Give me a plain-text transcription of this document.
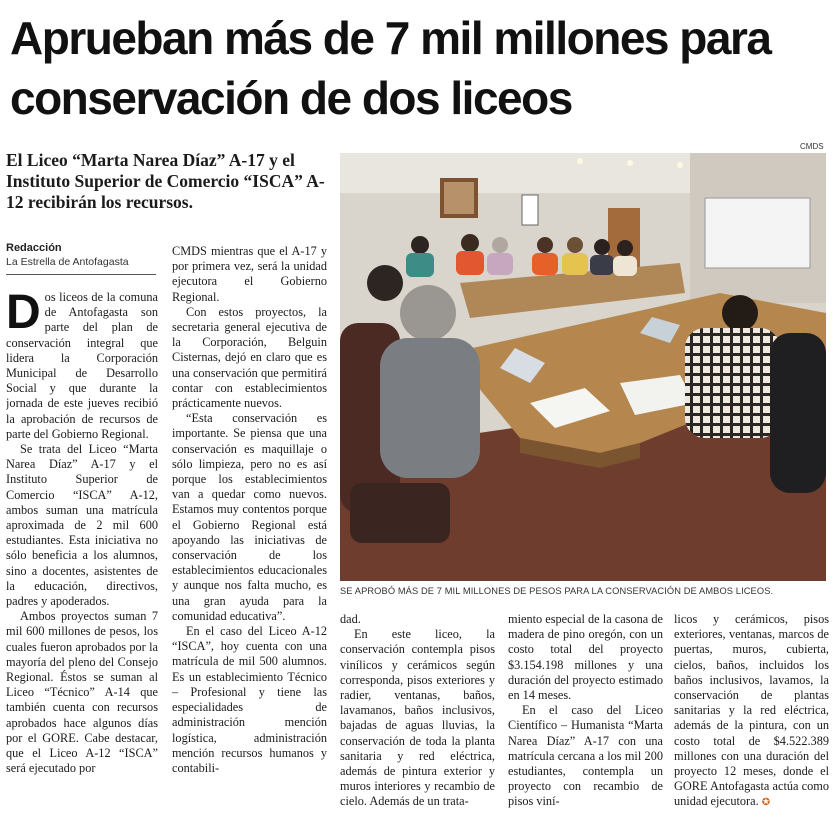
Aprueban más de 7 mil millones para conservación de dos liceos
El Liceo “Marta Narea Díaz” A-17 y el Instituto Superior de Comercio “ISCA” A-12 recibirán los recursos.
Redacción
La Estrella de Antofagasta

Dos liceos de la comuna de Antofagasta son parte del plan de conservación integral que lidera la Corporación Municipal de Desarrollo Social y que durante la jornada de este jueves recibió la aprobación de recursos de parte del Gobierno Regional.

Se trata del Liceo “Marta Narea Díaz” A-17 y el Instituto Superior de Comercio “ISCA” A-12, ambos suman una matrícula aproximada de 2 mil 600 estudiantes. Esta iniciativa no sólo beneficia a los alumnos, sino a docentes, asistentes de la educación, directivos, padres y apoderados.

Ambos proyectos suman 7 mil 600 millones de pesos, los cuales fueron aprobados por la mayoría del pleno del Consejo Regional. Éstos se suman al Liceo “Técnico” A-14 que también cuenta con recursos aprobados hace algunos días por el GORE. Cabe destacar, que el Liceo A-12 “ISCA” será ejecutado por

CMDS mientras que el A-17 y por primera vez, será la unidad ejecutora el Gobierno Regional.

Con estos proyectos, la secretaria general ejecutiva de la Corporación, Belguin Cisternas, dejó en claro que es una conservación que permitirá contar con establecimientos prácticamente nuevos.

“Esta conservación es importante. Se piensa que una conservación es maquillaje o sólo limpieza, pero no es así porque los establecimientos van a quedar como nuevos. Estamos muy contentos porque el Gobierno Regional está apoyando las iniciativas de conservación de los establecimientos educacionales y aunque nos falta mucho, es una gran ayuda para la comunidad educativa”.

En el caso del Liceo A-12 “ISCA”, hoy cuenta con una matrícula de mil 500 alumnos. Es un establecimiento Técnico – Profesional y tiene las especialidades de administración mención logística, administración mención recursos humanos y contabili-

CMDS
SE APROBÓ MÁS DE 7 MIL MILLONES DE PESOS PARA LA CONSERVACIÓN DE AMBOS LICEOS.

dad.

En este liceo, la conservación contempla pisos vinílicos y cerámicos según corresponda, pisos exteriores y radier, ventanas, baños, lavamanos, baños inclusivos, bajadas de aguas lluvias, la conservación de toda la planta sanitaria y red eléctrica, además de pintura exterior y muros interiores y recambio de cielo. Además de un trata-

miento especial de la casona de madera de pino oregón, con un costo total del proyecto $3.154.198 millones y una duración del proyecto estimado en 14 meses.

En el caso del Liceo Científico – Humanista “Marta Narea Díaz” A-17 con una matrícula cercana a los mil 200 estudiantes, contempla un proyecto con recambio de pisos viní-

licos y cerámicos, pisos exteriores, ventanas, marcos de puertas, muros, cubierta, cielos, baños, incluidos los baños inclusivos, lavamos, la conservación de plantas sanitarias y la red eléctrica, además de la pintura, con un costo total de $4.522.389 millones con una duración del proyecto 12 meses, donde el GORE Antofagasta actúa como unidad ejecutora. ✪
